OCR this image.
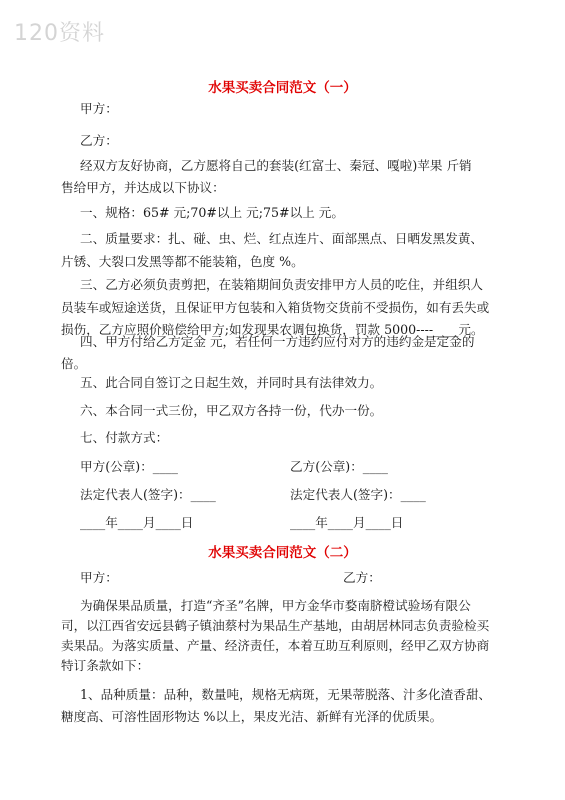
120资料
水果买卖合同范文（一）
甲方：
乙方：
经双方友好协商，乙方愿将自己的套装(红富士、秦冠、嘎啦)苹果 斤销
售给甲方，并达成以下协议：
一、规格：65# 元;70#以上 元;75#以上 元。
二、质量要求：扎、碰、虫、烂、红点连片、面部黑点、日晒发黑发黄、
片锈、大裂口发黑等都不能装箱，色度 %。
三、乙方必须负责剪把，在装箱期间负责安排甲方人员的吃住，并组织人
员装车或短途送货，且保证甲方包装和入箱货物交货前不受损伤，如有丢失或
损伤，乙方应照价赔偿给甲方;如发现果农调包换货，罚款 5000----____元。
四、甲方付给乙方定金 元，若任何一方违约应付对方的违约金是定金的
倍。
五、此合同自签订之日起生效，并同时具有法律效力。
六、本合同一式三份，甲乙双方各持一份，代办一份。
七、付款方式：
甲方(公章)：____	乙方(公章)：____
法定代表人(签字)：____	法定代表人(签字)：____
____年____月____日	____年____月____日
水果买卖合同范文（二）
甲方：	乙方：
为确保果品质量，打造“齐圣”名牌，甲方金华市婺南脐橙试验场有限公
司，以江西省安远县鹤子镇油蔡村为果品生产基地，由胡居林同志负责验检买
卖果品。为落实质量、产量、经济责任，本着互助互利原则，经甲乙双方协商
特订条款如下：
1、品种质量：品种，数量吨，规格无病斑，无果蒂脱落、汁多化渣香甜、
糖度高、可溶性固形物达 %以上，果皮光洁、新鲜有光泽的优质果。
